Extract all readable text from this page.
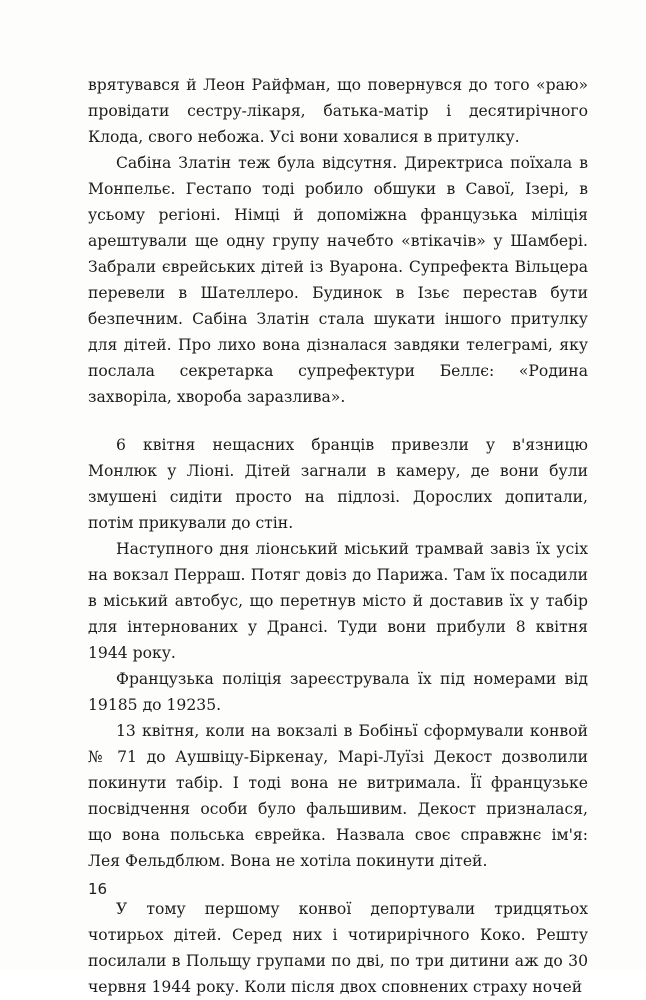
врятувався й Леон Райфман, що повернувся до того «раю» провідати сестру-лікаря, батька-матір і десятирічного Клода, свого небожа. Усі вони ховалися в притулку.

Сабіна Златін теж була відсутня. Директриса поїхала в Монпельє. Гестапо тоді робило обшуки в Савої, Ізері, в усьому регіоні. Німці й допоміжна французька міліція арештували ще одну групу начебто «втікачів» у Шамбері. Забрали єврейських дітей із Вуарона. Супрефекта Вільцера перевели в Шателлеро. Будинок в Ізьє перестав бути безпечним. Сабіна Златін стала шукати іншого притулку для дітей. Про лихо вона дізналася завдяки телеграмі, яку послала секретарка супрефектури Беллє: «Родина захворіла, хвороба заразлива».

6 квітня нещасних бранців привезли у в'язницю Монлюк у Ліоні. Дітей загнали в камеру, де вони були змушені сидіти просто на підлозі. Дорослих допитали, потім прикували до стін.

Наступного дня ліонський міський трамвай завіз їх усіх на вокзал Перраш. Потяг довіз до Парижа. Там їх посадили в міський автобус, що перетнув місто й доставив їх у табір для інтернованих у Дрансі. Туди вони прибули 8 квітня 1944 року.

Французька поліція зареєструвала їх під номерами від 19185 до 19235.

13 квітня, коли на вокзалі в Бобіньї сформували конвой № 71 до Аушвіцу-Біркенау, Марі-Луїзі Декост дозволили покинути табір. І тоді вона не витримала. Її французьке посвідчення особи було фальшивим. Декост призналася, що вона польська єврейка. Назвала своє справжнє ім'я: Лея Фельдблюм. Вона не хотіла покинути дітей.

У тому першому конвої депортували тридцятьох чотирьох дітей. Серед них і чотирирічного Коко. Решту посилали в Польщу групами по дві, по три дитини аж до 30 червня 1944 року. Коли після двох сповнених страху ночей

16
